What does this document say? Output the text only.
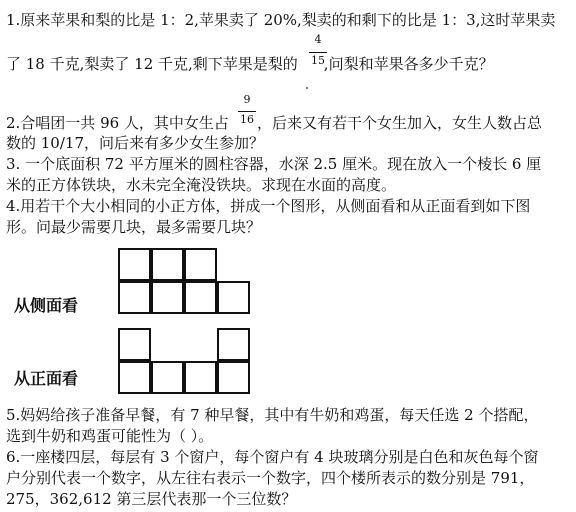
1.原来苹果和梨的比是 1：2,苹果卖了 20%,梨卖的和剩下的比是 1：3,这时苹果卖
了 18 千克,梨卖了 12 千克,剩下苹果是梨的 ,问梨和苹果各多少千克？
4
15
9
16
2.合唱团一共 96 人，其中女生占 ，后来又有若干个女生加入，女生人数占总
数的 10/17，问后来有多少女生参加？
3. 一个底面积 72 平方厘米的圆柱容器，水深 2.5 厘米。现在放入一个棱长 6 厘
米的正方体铁块，水未完全淹没铁块。求现在水面的高度。
4.用若干个大小相同的小正方体，拼成一个图形，从侧面看和从正面看到如下图
形。问最少需要几块，最多需要几块？
从侧面看
从正面看
5.妈妈给孩子准备早餐，有 7 种早餐，其中有牛奶和鸡蛋，每天任选 2 个搭配，
选到牛奶和鸡蛋可能性为（ ）。
6.一座楼四层，每层有 3 个窗户，每个窗户有 4 块玻璃分别是白色和灰色每个窗
户分别代表一个数字，从左往右表示一个数字，四个楼所表示的数分别是 791，
275，362,612 第三层代表那一个三位数？
